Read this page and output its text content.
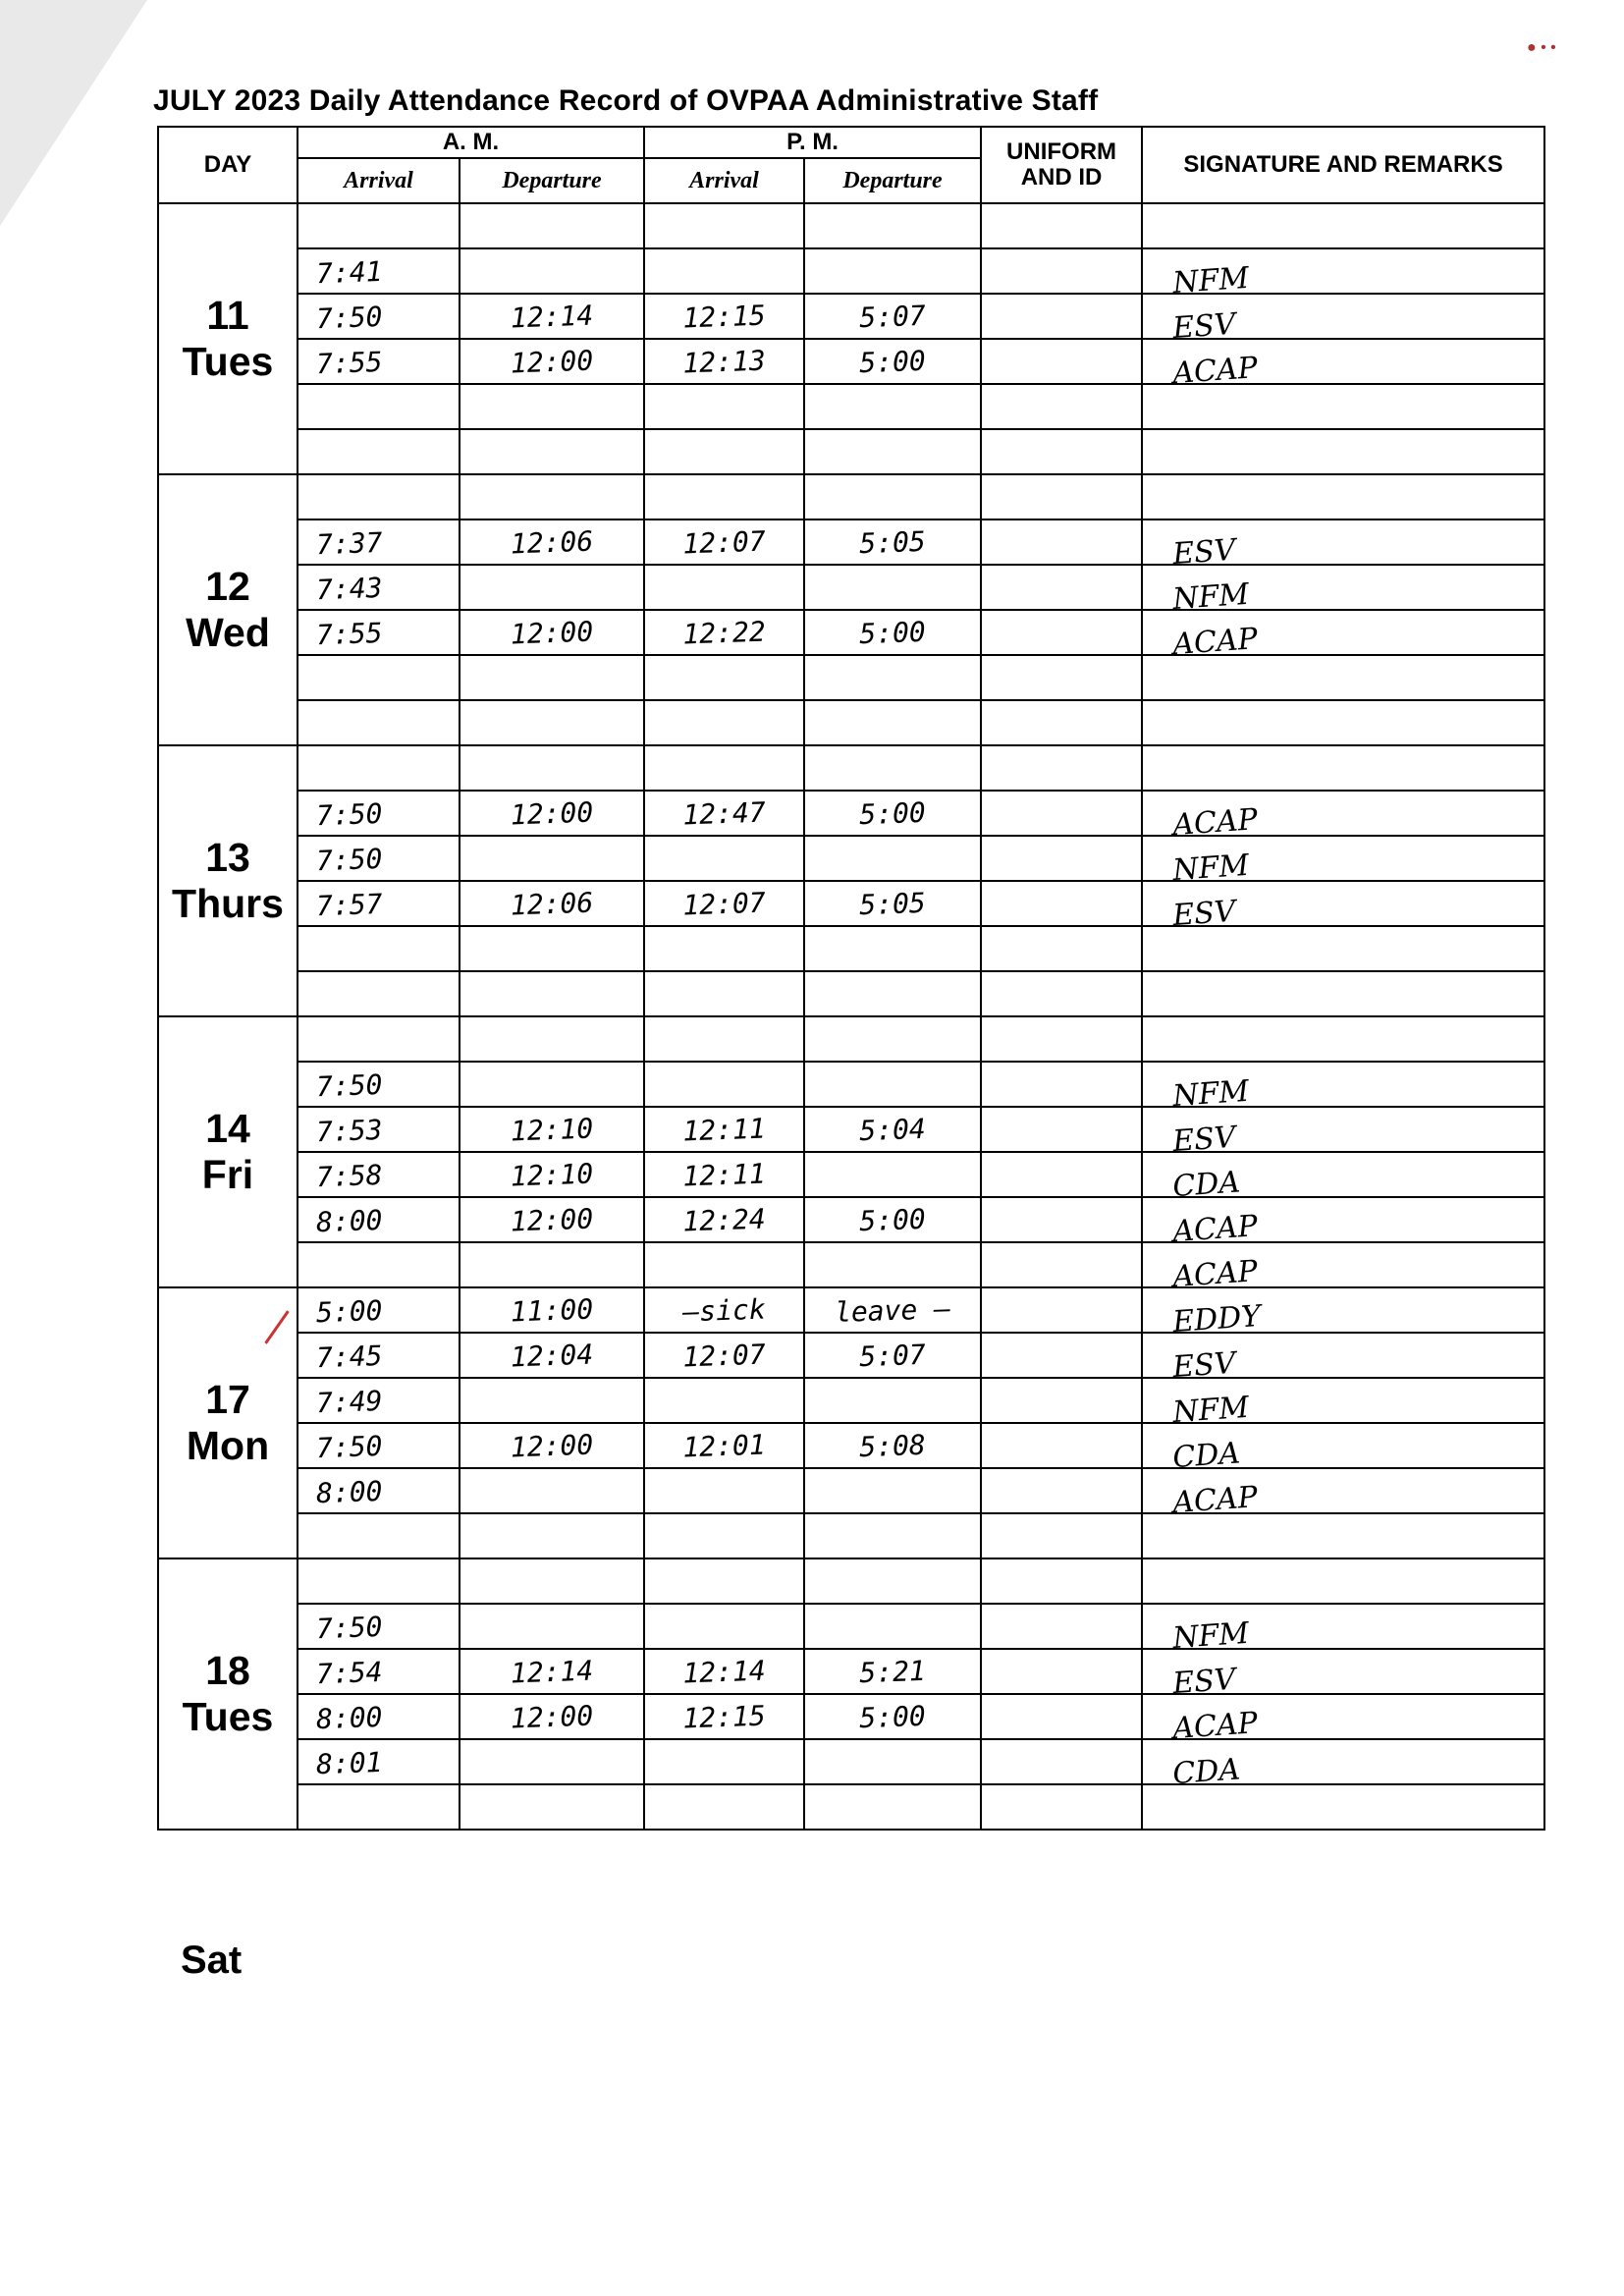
● • •
JULY 2023 Daily Attendance Record of OVPAA Administrative Staff
DAY	A. M.		P. M.		UNIFORM AND ID	SIGNATURE AND REMARKS
	Arrival	Departure	Arrival	Departure		

11
Tues						

	7:41					NFM

	7:50	12:14	12:15	5:07		ESV

	7:55	12:00	12:13	5:00		ACAP

12
Wed						

	7:37	12:06	12:07	5:05		ESV

	7:43					NFM

	7:55	12:00	12:22	5:00		ACAP

13
Thurs						

	7:50	12:00	12:47	5:00		ACAP

	7:50					NFM

	7:57	12:06	12:07	5:05		ESV

14
Fri						

	7:50					NFM

	7:53	12:10	12:11	5:04		ESV

	7:58	12:10	12:11			CDA

	8:00	12:00	12:24	5:00		ACAP

						ACAP

17
Mon	5:00	11:00	—sick	leave —		EDDY

	7:45	12:04	12:07	5:07		ESV

	7:49					NFM

	7:50	12:00	12:01	5:08		CDA

	8:00					ACAP

18
Tues						

	7:50					NFM

	7:54	12:14	12:14	5:21		ESV

	8:00	12:00	12:15	5:00		ACAP

	8:01					CDA

Sat
